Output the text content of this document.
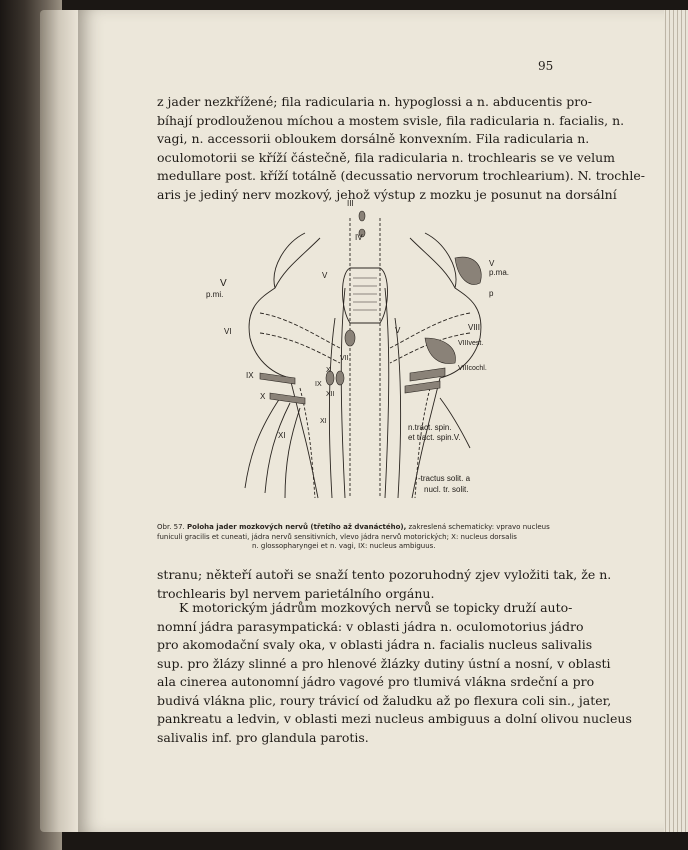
95
z jader nezkřížené; fila radicularia n. hypoglossi a n. abducentis pro-
bíhají prodlouženou míchou a mostem svisle, fila radicularia n. facialis, n.
vagi, n. accessorii obloukem dorsálně konvexním. Fila radicularia n.
oculomotorii se kříží částečně, fila radicularia n. trochlearis se ve velum
medullare post. kříží totálně (decussatio nervorum trochlearium). N. trochle-
aris je jediný nerv mozkový, jehož výstup z mozku je posunut na dorsální
III
IV
V
p.mi.
V
V
V
p.ma.
p
VI
VII
VIII
VIIIvest.
VIIIcochl.
IX
IX
X
X
XII
XI
XI
n.tract. spin.
et tract. spin.V.
-tractus solit. a
nucl. tr. solit.
Obr. 57. Poloha jader mozkových nervů (třetího až dvanáctého), zakreslená schematicky: vpravo nucleus
funiculi gracilis et cuneati, jádra nervů sensitivních, vlevo jádra nervů motorických; X: nucleus dorsalis
n. glossopharyngei et n. vagi, IX: nucleus ambiguus.
stranu; někteří autoři se snaží tento pozoruhodný zjev vyložiti tak, že n.
trochlearis byl nervem parietálního orgánu.
K motorickým jádrům mozkových nervů se topicky druží auto-
nomní jádra parasympatická: v oblasti jádra n. oculomotorius jádro
pro akomodační svaly oka, v oblasti jádra n. facialis nucleus salivalis
sup. pro žlázy slinné a pro hlenové žlázky dutiny ústní a nosní, v oblasti
ala cinerea autonomní jádro vagové pro tlumivá vlákna srdeční a pro
budivá vlákna plic, roury trávicí od žaludku až po flexura coli sin., jater,
pankreatu a ledvin, v oblasti mezi nucleus ambiguus a dolní olivou nucleus
salivalis inf. pro glandula parotis.
